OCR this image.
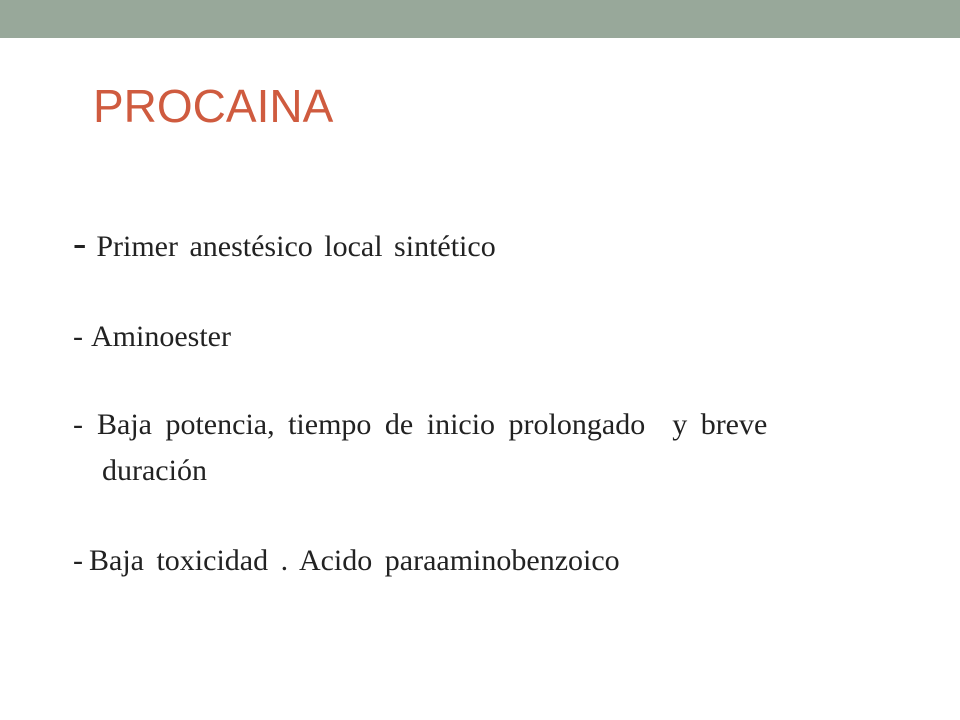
PROCAINA
- Primer anestésico local sintético
- Aminoester
- Baja potencia, tiempo de inicio prolongado  y breve
duración
- Baja toxicidad . Acido paraaminobenzoico
